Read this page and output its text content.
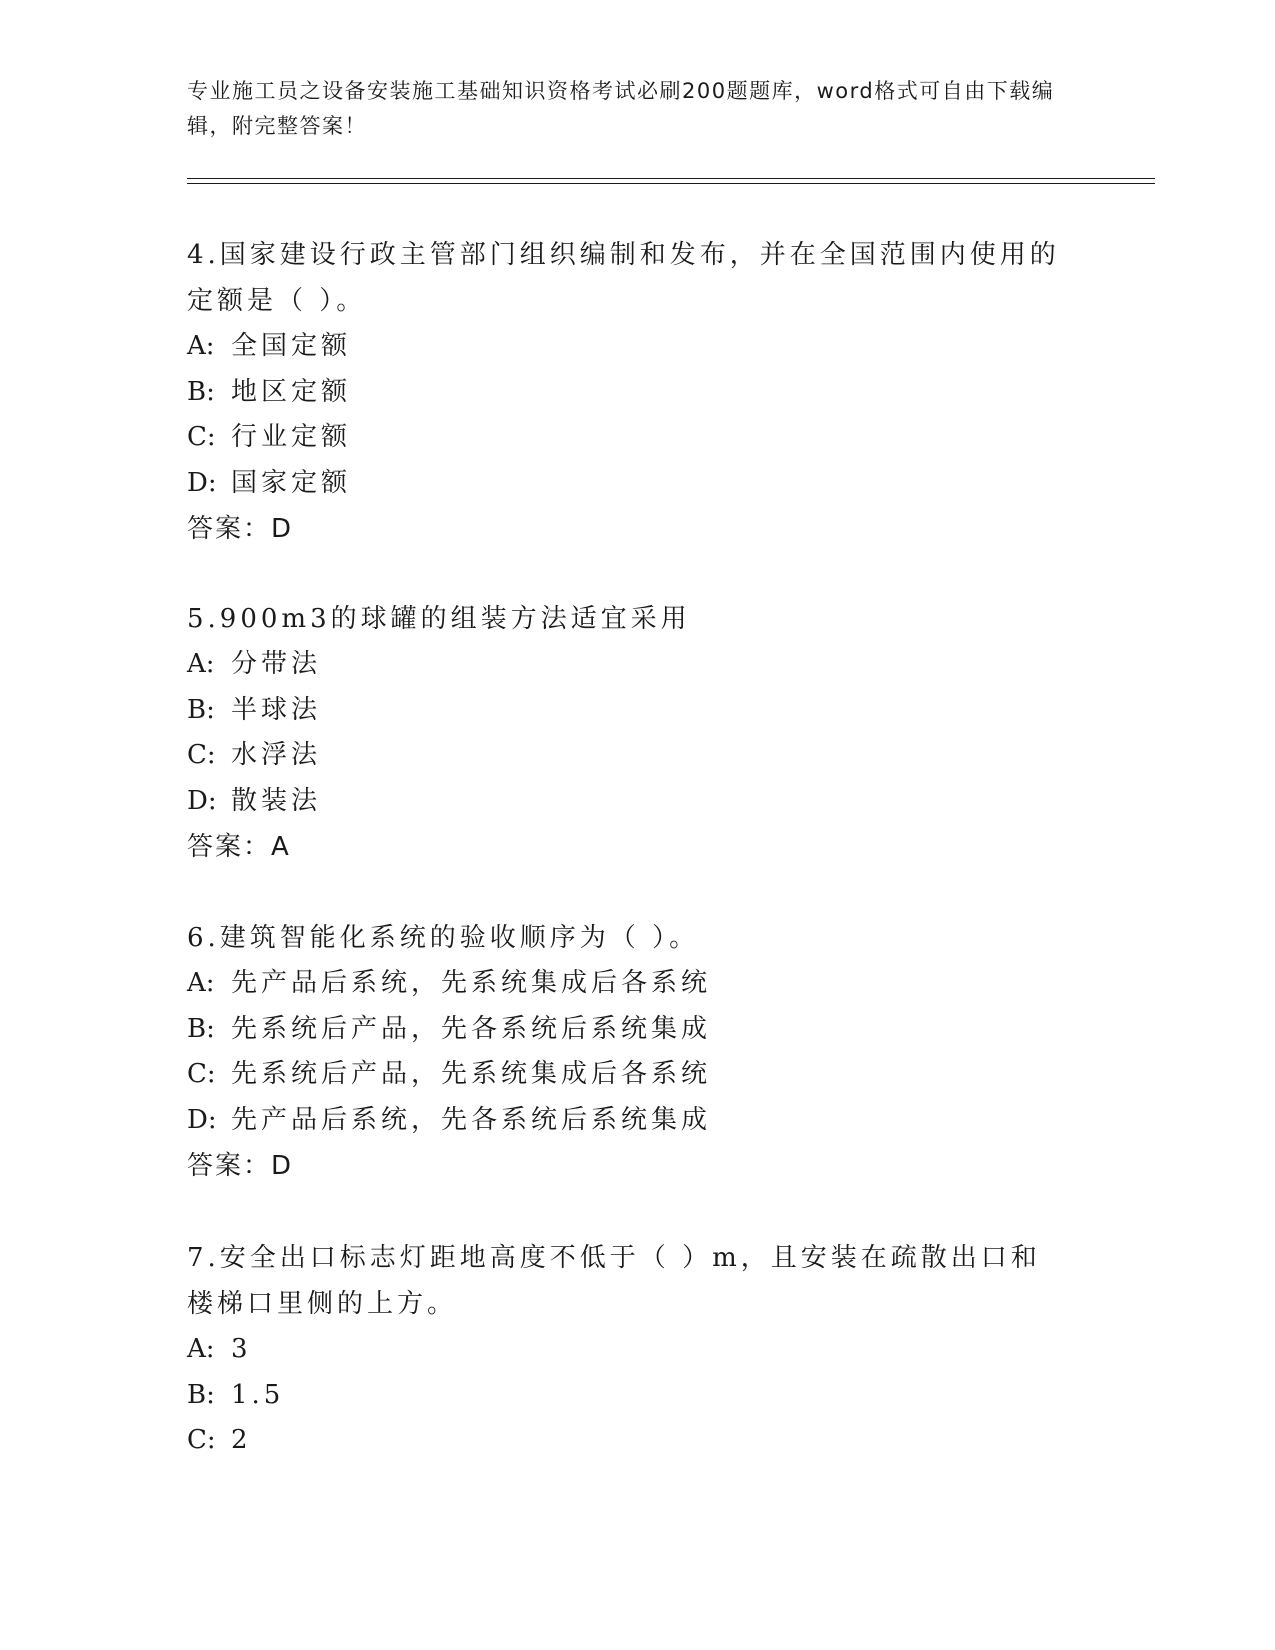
专业施工员之设备安装施工基础知识资格考试必刷200题题库，word格式可自由下载编辑，附完整答案！

4.国家建设行政主管部门组织编制和发布，并在全国范围内使用的定额是（ ）。

A: 全国定额

B: 地区定额

C: 行业定额

D: 国家定额

答案：D

5.900m3的球罐的组装方法适宜采用

A: 分带法

B: 半球法

C: 水浮法

D: 散装法

答案：A

6.建筑智能化系统的验收顺序为（ ）。

A: 先产品后系统，先系统集成后各系统

B: 先系统后产品，先各系统后系统集成

C: 先系统后产品，先系统集成后各系统

D: 先产品后系统，先各系统后系统集成

答案：D

7.安全出口标志灯距地高度不低于（ ）m，且安装在疏散出口和楼梯口里侧的上方。

A: 3

B: 1.5

C: 2
